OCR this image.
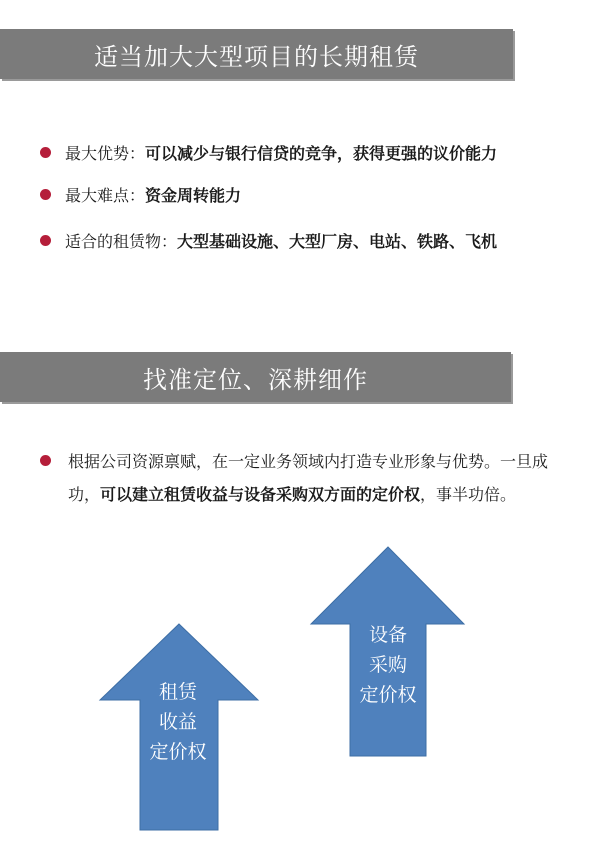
适当加大大型项目的长期租赁
最大优势： 可以减少与银行信贷的竞争，获得更强的议价能力
最大难点： 资金周转能力
适合的租赁物： 大型基础设施、大型厂房、电站、铁路、飞机
找准定位、深耕细作
根据公司资源禀赋，在一定业务领域内打造专业形象与优势。一旦成功，可以建立租赁收益与设备采购双方面的定价权，事半功倍。
租赁
收益
定价权
设备
采购
定价权
